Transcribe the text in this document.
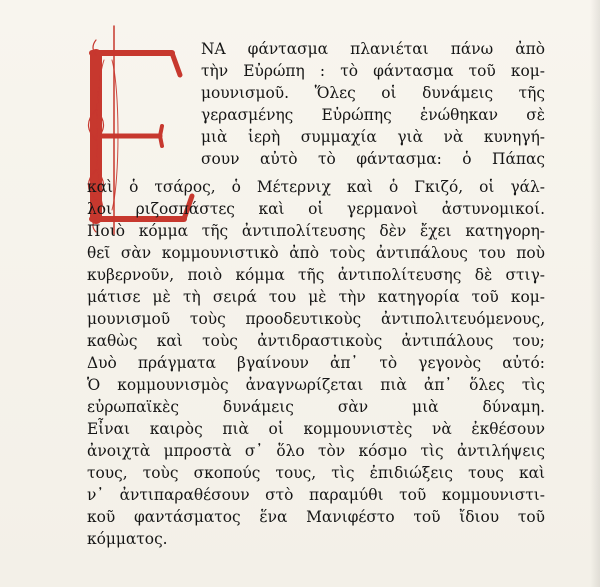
ΝΑ φάντασμα πλανιέται πάνω ἀπὸ
τὴν Εὐρώπη : τὸ φάντασμα τοῦ κομ-
μουνισμοῦ. Ὅλες οἱ δυνάμεις τῆς
γερασμένης Εὐρώπης ἑνώθηκαν σὲ
μιὰ ἱερὴ συμμαχία γιὰ νὰ κυνηγή-
σουν αὐτὸ τὸ φάντασμα: ὁ Πάπας
καὶ ὁ τσάρος, ὁ Μέτερνιχ καὶ ὁ Γκιζό, οἱ γάλ-
λοι ριζοσπάστες καὶ οἱ γερμανοὶ ἀστυνομικοί.
Ποιὸ κόμμα τῆς ἀντιπολίτευσης δὲν ἔχει κατηγορη-
θεῖ σὰν κομμουνιστικὸ ἀπὸ τοὺς ἀντιπάλους του ποὺ
κυβερνοῦν, ποιὸ κόμμα τῆς ἀντιπολίτευσης δὲ στιγ-
μάτισε μὲ τὴ σειρά του μὲ τὴν κατηγορία τοῦ κομ-
μουνισμοῦ τοὺς προοδευτικοὺς ἀντιπολιτευόμενους,
καθὼς καὶ τοὺς ἀντιδραστικοὺς ἀντιπάλους του;
Δυὸ πράγματα βγαίνουν ἀπ᾿ τὸ γεγονὸς αὐτό:
Ὁ κομμουνισμὸς ἀναγνωρίζεται πιὰ ἀπ᾿ ὅλες τὶς
εὐρωπαϊκὲς δυνάμεις σὰν μιὰ δύναμη.
Εἶναι καιρὸς πιὰ οἱ κομμουνιστὲς νὰ ἐκθέσουν
ἀνοιχτὰ μπροστὰ σ᾿ ὅλο τὸν κόσμο τὶς ἀντιλήψεις
τους, τοὺς σκοπούς τους, τὶς ἐπιδιώξεις τους καὶ
ν᾿ ἀντιπαραθέσουν στὸ παραμύθι τοῦ κομμουνιστι-
κοῦ φαντάσματος ἕνα Μανιφέστο τοῦ ἴδιου τοῦ
κόμματος.
